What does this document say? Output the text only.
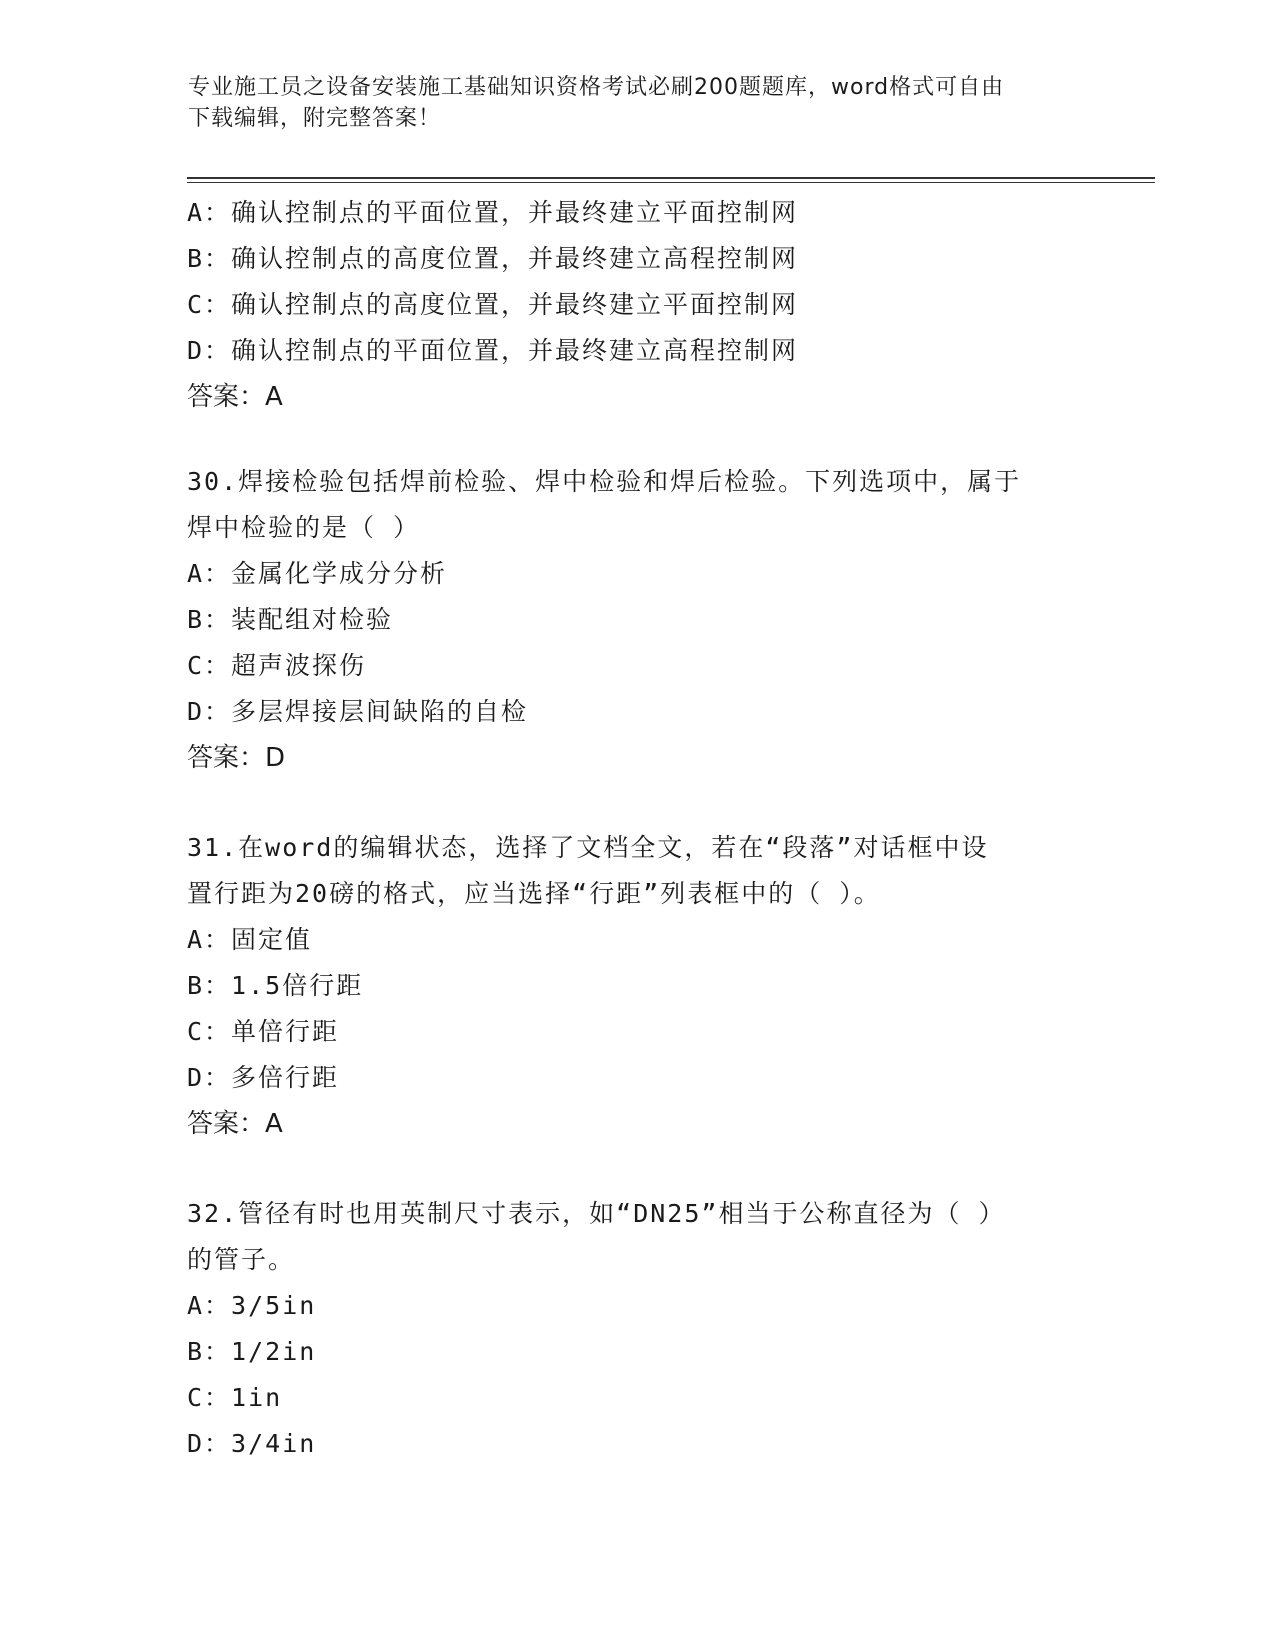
专业施工员之设备安装施工基础知识资格考试必刷200题题库，word格式可自由
下载编辑，附完整答案！
A：确认控制点的平面位置，并最终建立平面控制网
B：确认控制点的高度位置，并最终建立高程控制网
C：确认控制点的高度位置，并最终建立平面控制网
D：确认控制点的平面位置，并最终建立高程控制网
答案：A
30.焊接检验包括焊前检验、焊中检验和焊后检验。下列选项中，属于
焊中检验的是（ ）
A：金属化学成分分析
B：装配组对检验
C：超声波探伤
D：多层焊接层间缺陷的自检
答案：D
31.在word的编辑状态，选择了文档全文，若在“段落”对话框中设
置行距为20磅的格式，应当选择“行距”列表框中的（ ）。
A：固定值
B：1.5倍行距
C：单倍行距
D：多倍行距
答案：A
32.管径有时也用英制尺寸表示，如“DN25”相当于公称直径为（ ）
的管子。
A：3/5in
B：1/2in
C：1in
D：3/4in
